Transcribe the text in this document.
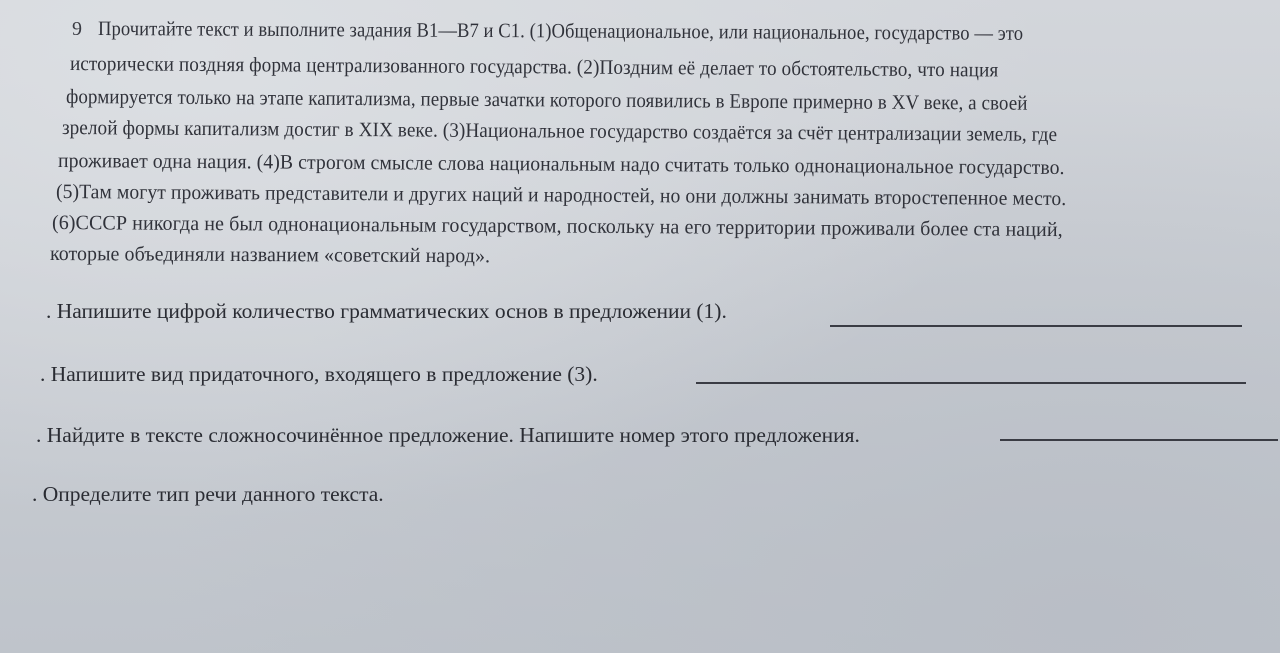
9 Прочитайте текст и выполните задания В1—В7 и С1. (1)Общенациональное, или национальное, государство — это
исторически поздняя форма централизованного государства. (2)Поздним её делает то обстоятельство, что нация
формируется только на этапе капитализма, первые зачатки которого появились в Европе примерно в XV веке, а своей
зрелой формы капитализм достиг в XIX веке. (3)Национальное государство создаётся за счёт централизации земель, где
проживает одна нация. (4)В строгом смысле слова национальным надо считать только однонациональное государство.
(5)Там могут проживать представители и других наций и народностей, но они должны занимать второстепенное место.
(6)СССР никогда не был однонациональным государством, поскольку на его территории проживали более ста наций,
которые объединяли названием «советский народ».
. Напишите цифрой количество грамматических основ в предложении (1).
. Напишите вид придаточного, входящего в предложение (3).
. Найдите в тексте сложносочинённое предложение. Напишите номер этого предложения.
. Определите тип речи данного текста.
